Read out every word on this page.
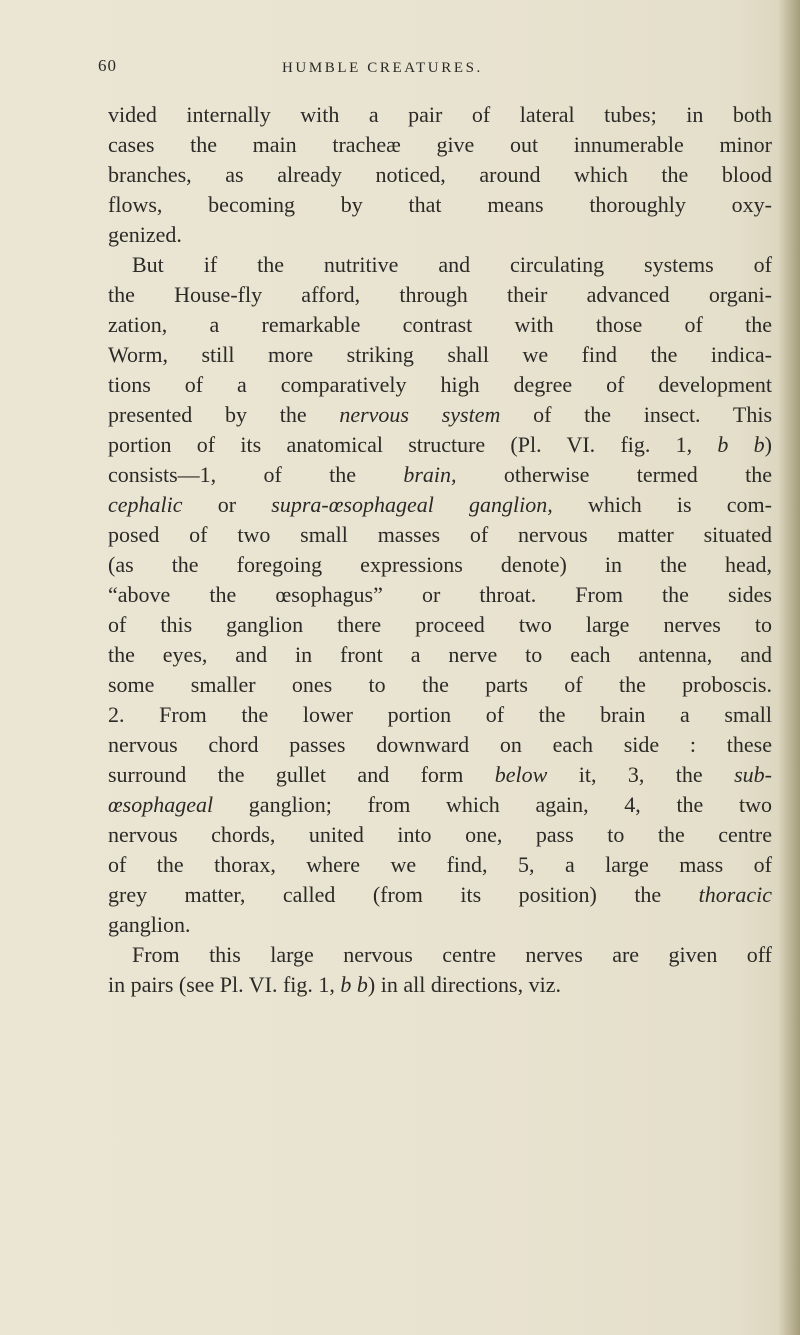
60	HUMBLE CREATURES.
vided internally with a pair of lateral tubes; in both
cases the main tracheæ give out innumerable minor
branches, as already noticed, around which the blood
flows, becoming by that means thoroughly oxy-
genized.
But if the nutritive and circulating systems of
the House-fly afford, through their advanced organi-
zation, a remarkable contrast with those of the
Worm, still more striking shall we find the indica-
tions of a comparatively high degree of development
presented by the nervous system of the insect. This
portion of its anatomical structure (Pl. VI. fig. 1, b b)
consists—1, of the brain, otherwise termed the
cephalic or supra-œsophageal ganglion, which is com-
posed of two small masses of nervous matter situated
(as the foregoing expressions denote) in the head,
“above the œsophagus” or throat. From the sides
of this ganglion there proceed two large nerves to
the eyes, and in front a nerve to each antenna, and
some smaller ones to the parts of the proboscis.
2. From the lower portion of the brain a small
nervous chord passes downward on each side : these
surround the gullet and form below it, 3, the sub-
œsophageal ganglion; from which again, 4, the two
nervous chords, united into one, pass to the centre
of the thorax, where we find, 5, a large mass of
grey matter, called (from its position) the thoracic
ganglion.
From this large nervous centre nerves are given off
in pairs (see Pl. VI. fig. 1, b b) in all directions, viz.
